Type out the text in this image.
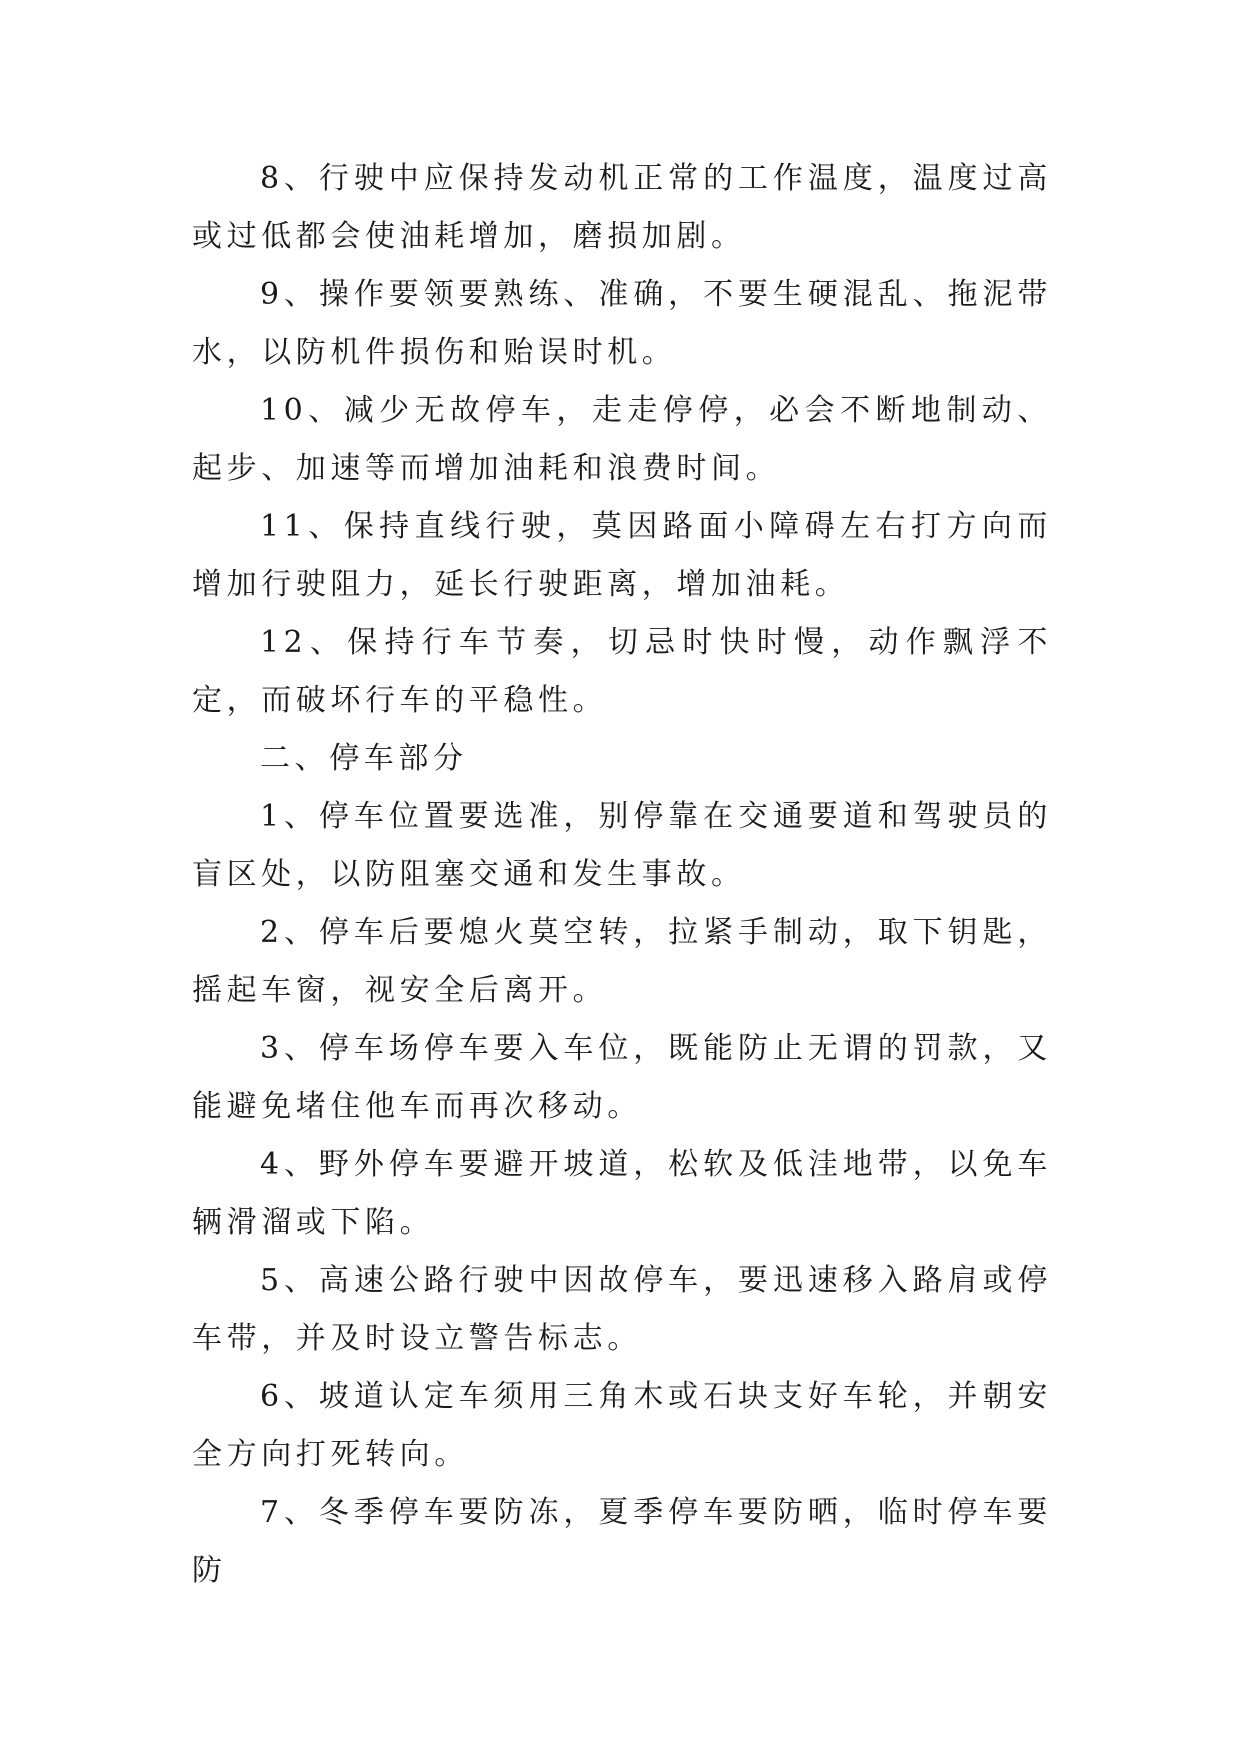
8、行驶中应保持发动机正常的工作温度，温度过高或过低都会使油耗增加，磨损加剧。

9、操作要领要熟练、准确，不要生硬混乱、拖泥带水，以防机件损伤和贻误时机。

10、减少无故停车，走走停停，必会不断地制动、起步、加速等而增加油耗和浪费时间。

11、保持直线行驶，莫因路面小障碍左右打方向而增加行驶阻力，延长行驶距离，增加油耗。

12、保持行车节奏，切忌时快时慢，动作飘浮不定，而破坏行车的平稳性。

二、停车部分

1、停车位置要选准，别停靠在交通要道和驾驶员的盲区处，以防阻塞交通和发生事故。

2、停车后要熄火莫空转，拉紧手制动，取下钥匙，摇起车窗，视安全后离开。

3、停车场停车要入车位，既能防止无谓的罚款，又能避免堵住他车而再次移动。

4、野外停车要避开坡道，松软及低洼地带，以免车辆滑溜或下陷。

5、高速公路行驶中因故停车，要迅速移入路肩或停车带，并及时设立警告标志。

6、坡道认定车须用三角木或石块支好车轮，并朝安全方向打死转向。

7、冬季停车要防冻，夏季停车要防晒，临时停车要防
